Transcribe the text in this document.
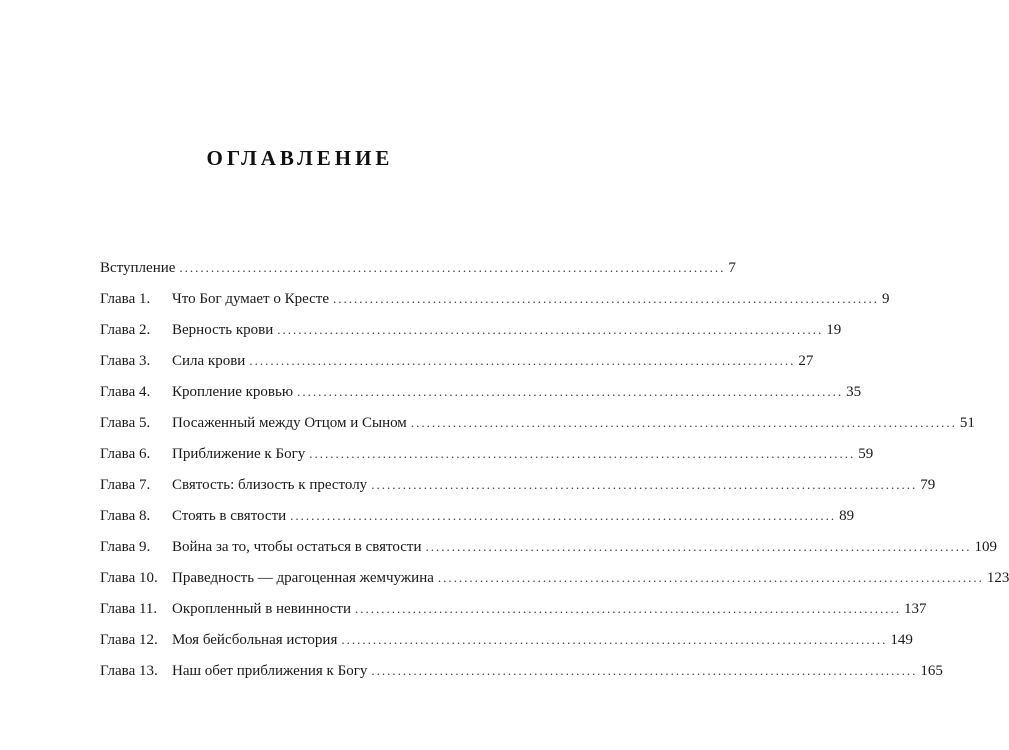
ОГЛАВЛЕНИЕ
Вступление .....	7
Глава 1.	Что Бог думает о Кресте .....	9
Глава 2.	Верность крови .....	19
Глава 3.	Сила крови .....	27
Глава 4.	Кропление кровью .....	35
Глава 5.	Посаженный между Отцом и Сыном .....	51
Глава 6.	Приближение к Богу .....	59
Глава 7.	Святость: близость к престолу .....	79
Глава 8.	Стоять в святости .....	89
Глава 9.	Война за то, чтобы остаться в святости .....	109
Глава 10. Праведность — драгоценная жемчужина .....	123
Глава 11. Окропленный в невинности .....	137
Глава 12. Моя бейсбольная история .....	149
Глава 13. Наш обет приближения к Богу .....	165
